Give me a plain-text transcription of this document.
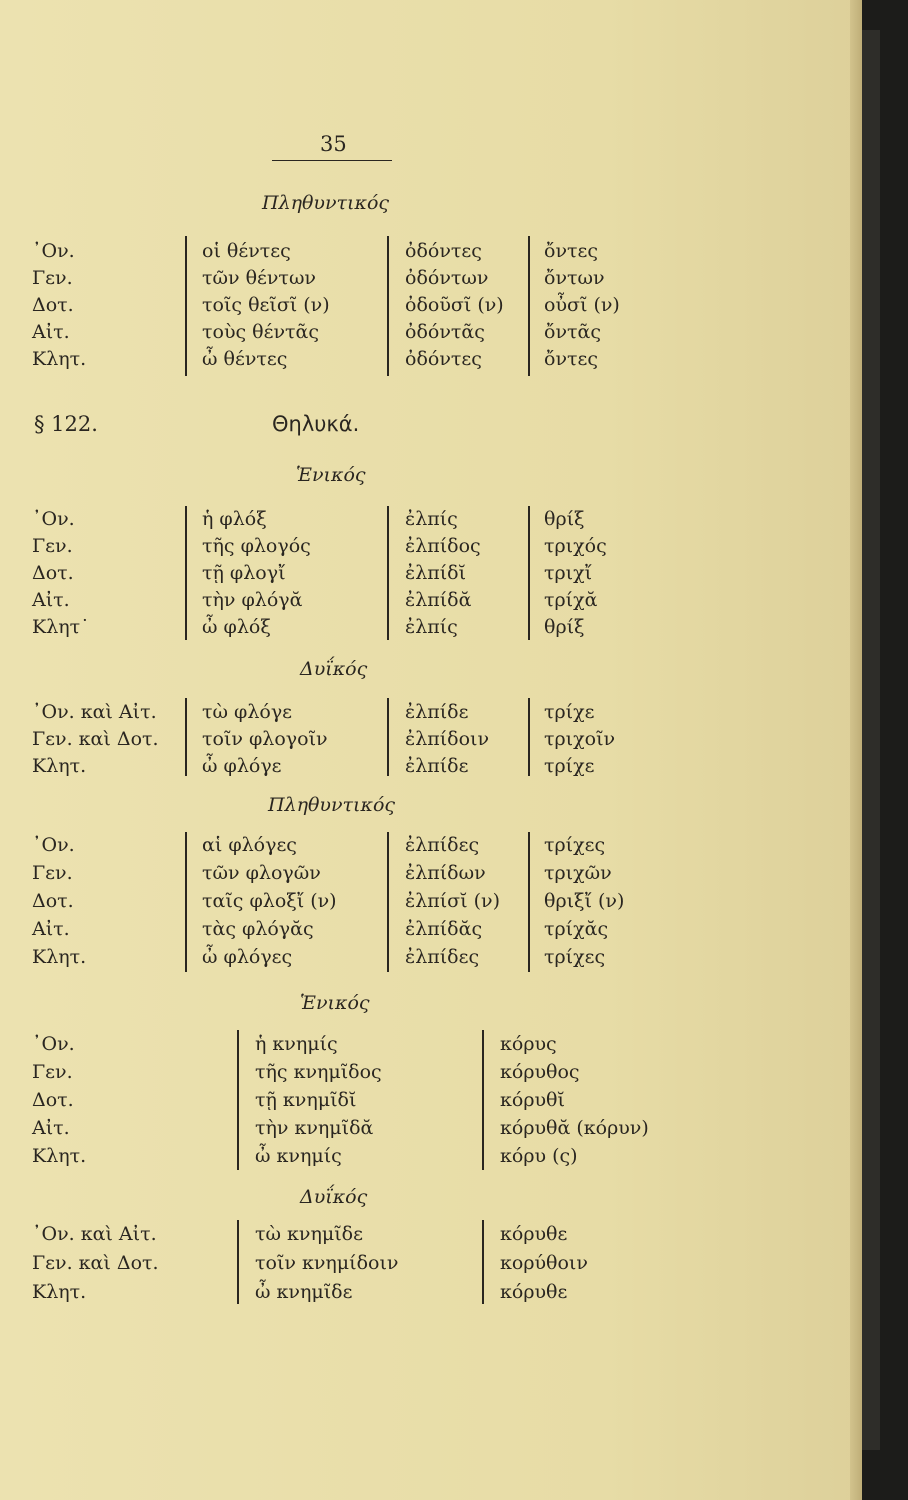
35
Πληθυντικός
᾽Ον.
Γεν.
Δοτ.
Αἰτ.
Κλητ.
οἱ θέντες
τῶν θέντων
τοῖς θεῖσῖ (ν)
τοὺς θέντᾶς
ὦ θέντες
ὀδόντες
ὀδόντων
ὀδοῦσῖ (ν)
ὀδόντᾶς
ὀδόντες
ὄντες
ὄντων
οὖσῖ (ν)
ὄντᾶς
ὄντες
§ 122.	Θηλυκά.
Ἑνικός
᾽Ον.
Γεν.
Δοτ.
Αἰτ.
Κλητ˙
ἡ φλόξ
τῆς φλογός
τῇ φλογἴ
τὴν φλόγᾰ
ὦ φλόξ
ἐλπίς
ἐλπίδος
ἐλπίδῐ
ἐλπίδᾰ
ἐλπίς
θρίξ
τριχός
τριχἴ
τρίχᾰ
θρίξ
Δυΐκός
᾽Ον. καὶ Αἰτ.
Γεν. καὶ Δοτ.
Κλητ.
τὼ φλόγε
τοῖν φλογοῖν
ὦ φλόγε
ἐλπίδε
ἐλπίδοιν
ἐλπίδε
τρίχε
τριχοῖν
τρίχε
Πληθυντικός
᾽Ον.
Γεν.
Δοτ.
Αἰτ.
Κλητ.
αἱ φλόγες
τῶν φλογῶν
ταῖς φλοξἴ (ν)
τὰς φλόγᾰς
ὦ φλόγες
ἐλπίδες
ἐλπίδων
ἐλπίσῐ (ν)
ἐλπίδᾰς
ἐλπίδες
τρίχες
τριχῶν
θριξἴ (ν)
τρίχᾰς
τρίχες
Ἑνικός
᾽Ον.
Γεν.
Δοτ.
Αἰτ.
Κλητ.
ἡ κνημίς
τῆς κνημῖδος
τῇ κνημῖδῐ
τὴν κνημῖδᾰ
ὦ κνημίς
κόρυς
κόρυθος
κόρυθῐ
κόρυθᾰ (κόρυν)
κόρυ (ς)
Δυΐκός
᾽Ον. καὶ Αἰτ.
Γεν. καὶ Δοτ.
Κλητ.
τὼ κνημῖδε
τοῖν κνημίδοιν
ὦ κνημῖδε
κόρυθε
κορύθοιν
κόρυθε
